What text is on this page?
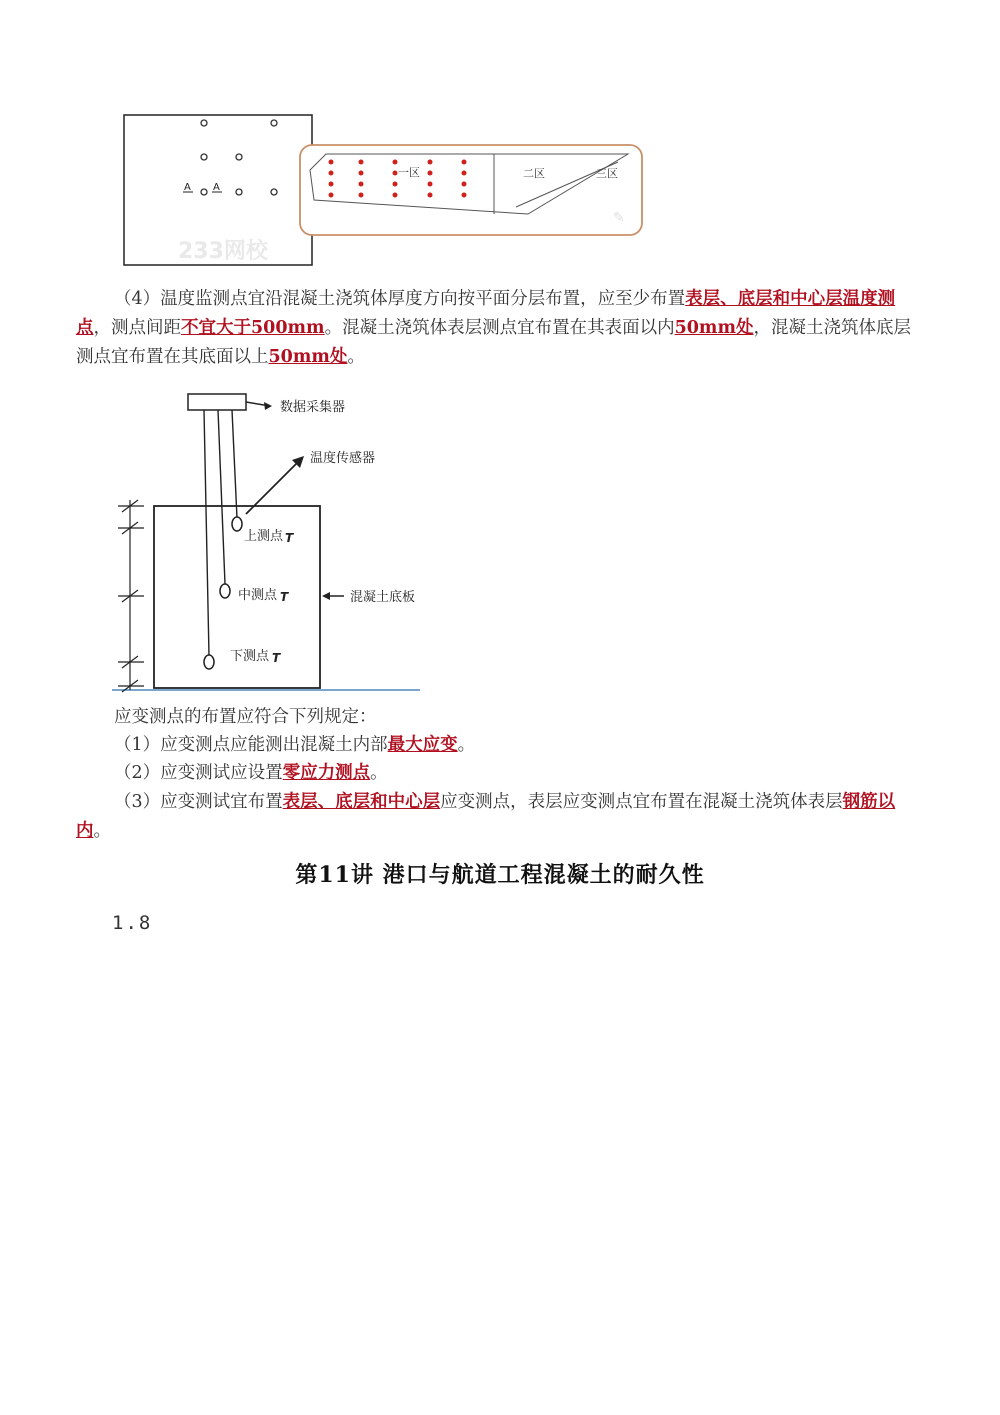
A A
233网校
一区	二区	三区
✎
（4）温度监测点宜沿混凝土浇筑体厚度方向按平面分层布置，应至少布置表层、底层和中心层温度测点，测点间距不宜大于500mm。混凝土浇筑体表层测点宜布置在其表面以内50mm处，混凝土浇筑体底层测点宜布置在其底面以上50mm处。
数据采集器
温度传感器
上测点 T
中测点 T
下测点 T
混凝土底板
应变测点的布置应符合下列规定：
（1）应变测点应能测出混凝土内部最大应变。
（2）应变测试应设置零应力测点。
（3）应变测试宜布置表层、底层和中心层应变测点，表层应变测点宜布置在混凝土浇筑体表层钢筋以内。
第11讲 港口与航道工程混凝土的耐久性
1.8
